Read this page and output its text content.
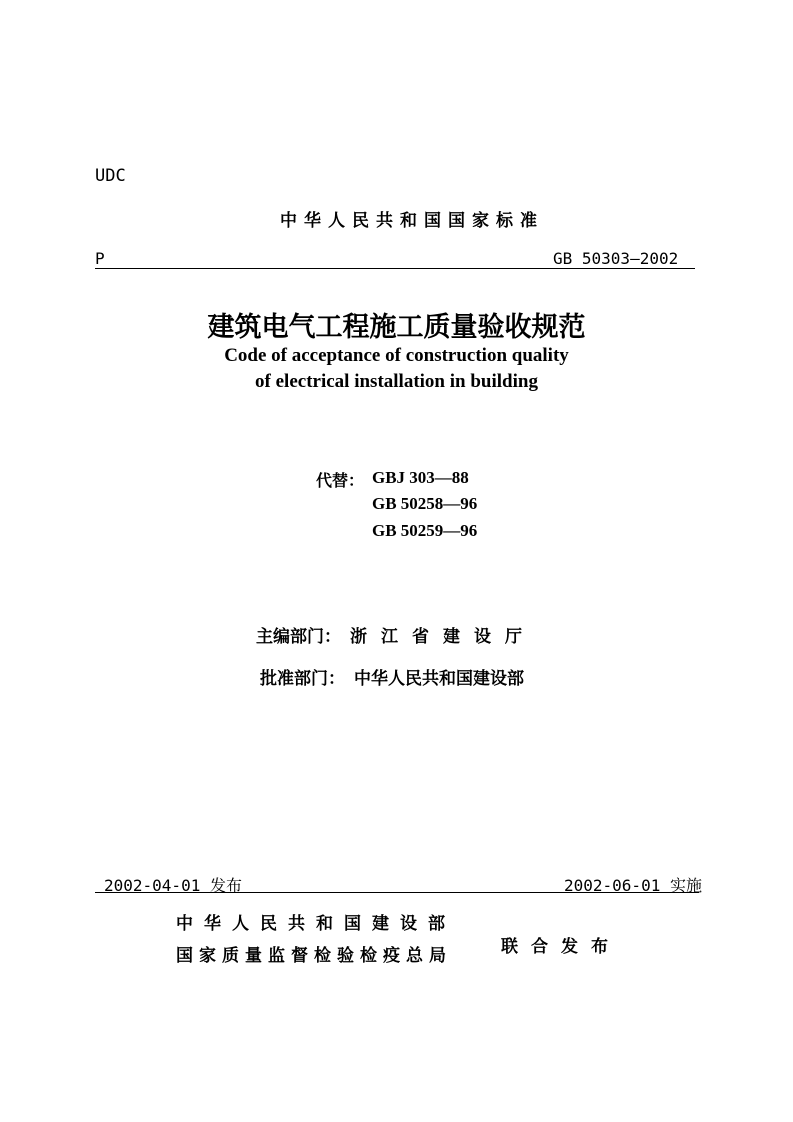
UDC

中华人民共和国国家标准

P	GB 50303—2002

建筑电气工程施工质量验收规范

Code of acceptance of construction quality

of electrical installation in building

代替： GBJ 303—88

GB 50258—96

GB 50259—96

主编部门： 浙江省建设厅

批准部门： 中华人民共和国建设部

2002-04-01 发布	2002-06-01 实施

中华人民共和国建设部

国家质量监督检验检疫总局	联合发布
